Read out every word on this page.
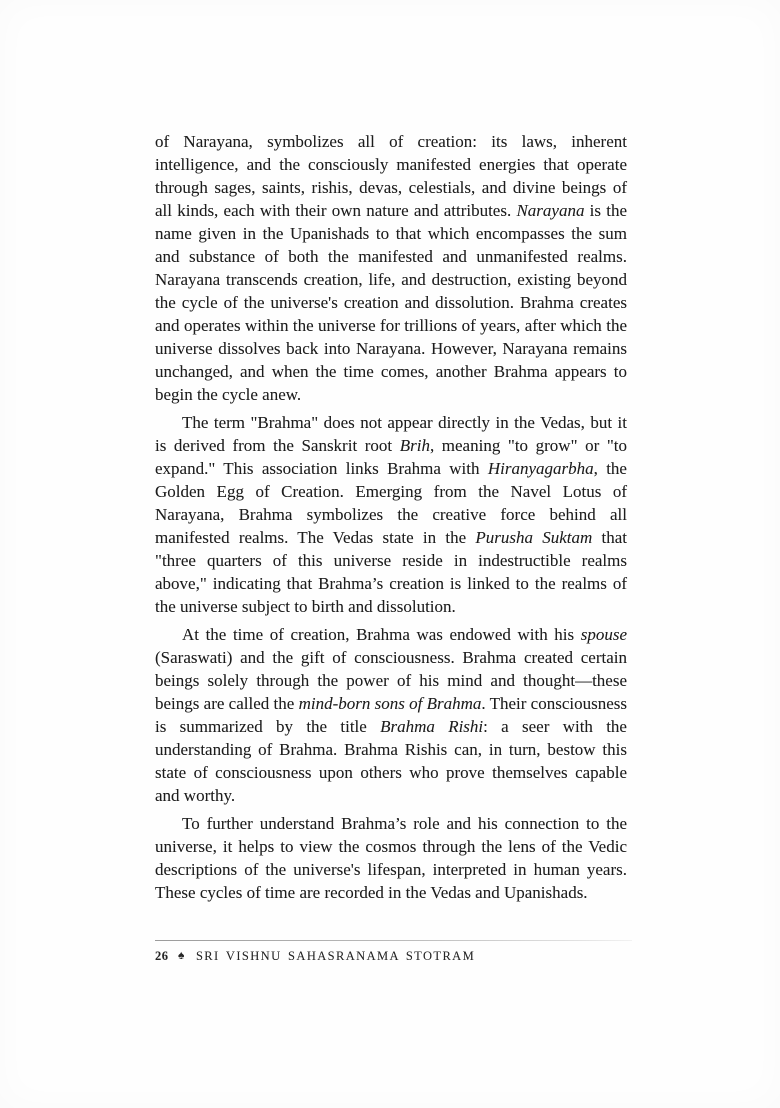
of Narayana, symbolizes all of creation: its laws, inherent intelligence, and the consciously manifested energies that operate through sages, saints, rishis, devas, celestials, and divine beings of all kinds, each with their own nature and attributes. Narayana is the name given in the Upanishads to that which encompasses the sum and substance of both the manifested and unmanifested realms. Narayana transcends creation, life, and destruction, existing beyond the cycle of the universe's creation and dissolution. Brahma creates and operates within the universe for trillions of years, after which the universe dissolves back into Narayana. However, Narayana remains unchanged, and when the time comes, another Brahma appears to begin the cycle anew.

The term "Brahma" does not appear directly in the Vedas, but it is derived from the Sanskrit root Brih, meaning "to grow" or "to expand." This association links Brahma with Hiranyagarbha, the Golden Egg of Creation. Emerging from the Navel Lotus of Narayana, Brahma symbolizes the creative force behind all manifested realms. The Vedas state in the Purusha Suktam that "three quarters of this universe reside in indestructible realms above," indicating that Brahma’s creation is linked to the realms of the universe subject to birth and dissolution.

At the time of creation, Brahma was endowed with his spouse (Saraswati) and the gift of consciousness. Brahma created certain beings solely through the power of his mind and thought—these beings are called the mind-born sons of Brahma. Their consciousness is summarized by the title Brahma Rishi: a seer with the understanding of Brahma. Brahma Rishis can, in turn, bestow this state of consciousness upon others who prove themselves capable and worthy.

To further understand Brahma’s role and his connection to the universe, it helps to view the cosmos through the lens of the Vedic descriptions of the universe's lifespan, interpreted in human years. These cycles of time are recorded in the Vedas and Upanishads.

26 ♠ SRI VISHNU SAHASRANAMA STOTRAM
